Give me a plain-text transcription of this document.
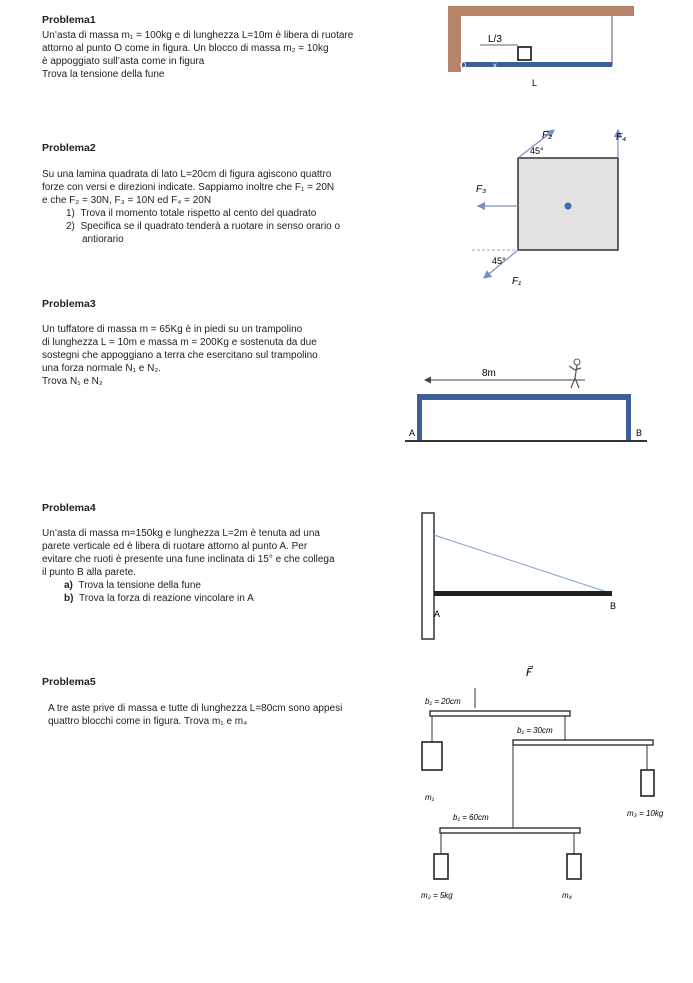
Problema1
Un’asta di massa m₁ = 100kg e di lunghezza L=10m è libera di ruotare
attorno al punto O come in figura. Un blocco di massa m₂ = 10kg
è appoggiato sull’asta come in figura
Trova la tensione della fune
L/3
O	x
L
Problema2
Su una lamina quadrata di lato L=20cm di figura agiscono quattro
forze con versi e direzioni indicate. Sappiamo inoltre che F₁ = 20N
e che F₂ = 30N, F₃ = 10N ed F₄ = 20N
1) Trova il momento totale rispetto al cento del quadrato
2) Specifica se il quadrato tenderà a ruotare in senso orario o
antiorario
F₂	F₄
F₃
F₁
45°
45°
Problema3
Un tuffatore di massa m = 65Kg è in piedi su un trampolino
di lunghezza L = 10m e massa m = 200Kg e sostenuta da due
sostegni che appoggiano a terra che esercitano sul trampolino
una forza normale N₁ e N₂.
Trova N₁ e N₂
8m
A	B
Problema4
Un’asta di massa m=150kg e lunghezza L=2m è tenuta ad una
parete verticale ed è libera di ruotare attorno al punto A. Per
evitare che ruoti è presente una fune inclinata di 15° e che collega
il punto B alla parete.
a) Trova la tensione della fune
b) Trova la forza di reazione vincolare in A
A
B
Problema5
A tre aste prive di massa e tutte di lunghezza L=80cm sono appesi
quattro blocchi come in figura. Trova m₁ e m₄
F⃗
b₁ = 20cm
m₁
b₁ = 30cm
m₃ = 10kg
b₁ = 60cm
m₂ = 5kg	m₄
